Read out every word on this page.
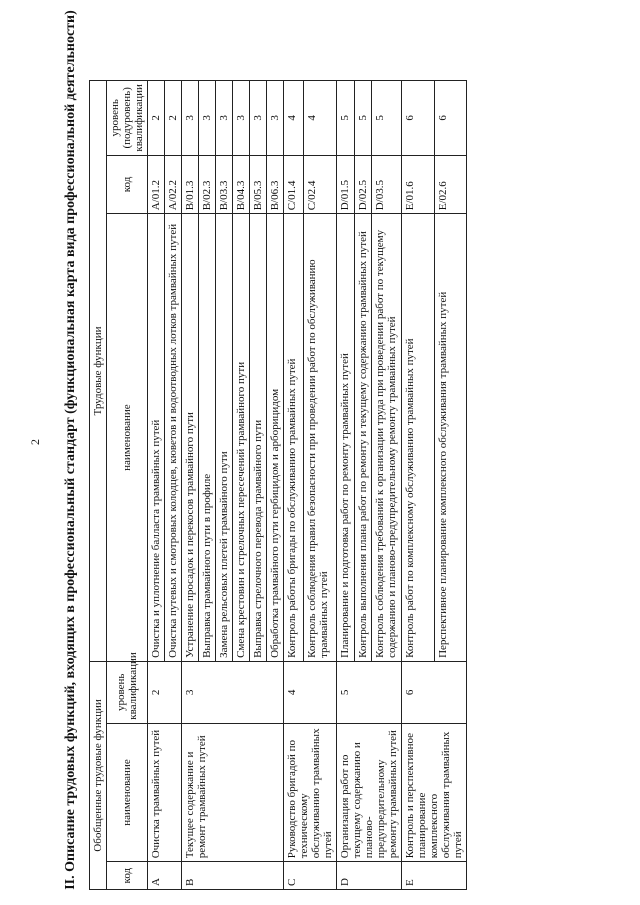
2 II. Описание трудовых функций, входящих в профессиональный стандарт (функциональная карта вида профессиональной деятельности) Обобщенные трудовые функции			Трудовые функции		
код	наименование	уровень квалификации	наименование	код	уровень (подуровень) квалификации
A	Очистка трамвайных путей	2	Очистка и уплотнение балласта трамвайных путей	A/01.2	2
			Очистка путевых и смотровых колодцев, кюветов и водоотводных лотков трамвайных путей	A/02.2	2
B	Текущее содержание и ремонт трамвайных путей	3	Устранение просадок и перекосов трамвайного пути	B/01.3	3
			Выправка трамвайного пути в профиле	B/02.3	3
			Замена рельсовых плетей трамвайного пути	B/03.3	3
			Смена крестовин и стрелочных пересечений трамвайного пути	B/04.3	3
			Выправка стрелочного перевода трамвайного пути	B/05.3	3
			Обработка трамвайного пути гербицидом и арборицидом	B/06.3	3
C	Руководство бригадой по техническому обслуживанию трамвайных путей	4	Контроль работы бригады по обслуживанию трамвайных путей	C/01.4	4
			Контроль соблюдения правил безопасности при проведении работ по обслуживанию трамвайных путей	C/02.4	4
D	Организация работ по текущему содержанию и планово-предупредительному ремонту трамвайных путей	5	Планирование и подготовка работ по ремонту трамвайных путей	D/01.5	5
			Контроль выполнения плана работ по ремонту и текущему содержанию трамвайных путей	D/02.5	5
			Контроль соблюдения требований к организации труда при проведении работ по текущему содержанию и планово-предупредительному ремонту трамвайных путей	D/03.5	5
E	Контроль и перспективное планирование комплексного обслуживания трамвайных путей	6	Контроль работ по комплексному обслуживанию трамвайных путей	E/01.6	6
			Перспективное планирование комплексного обслуживания трамвайных путей	E/02.6	6
